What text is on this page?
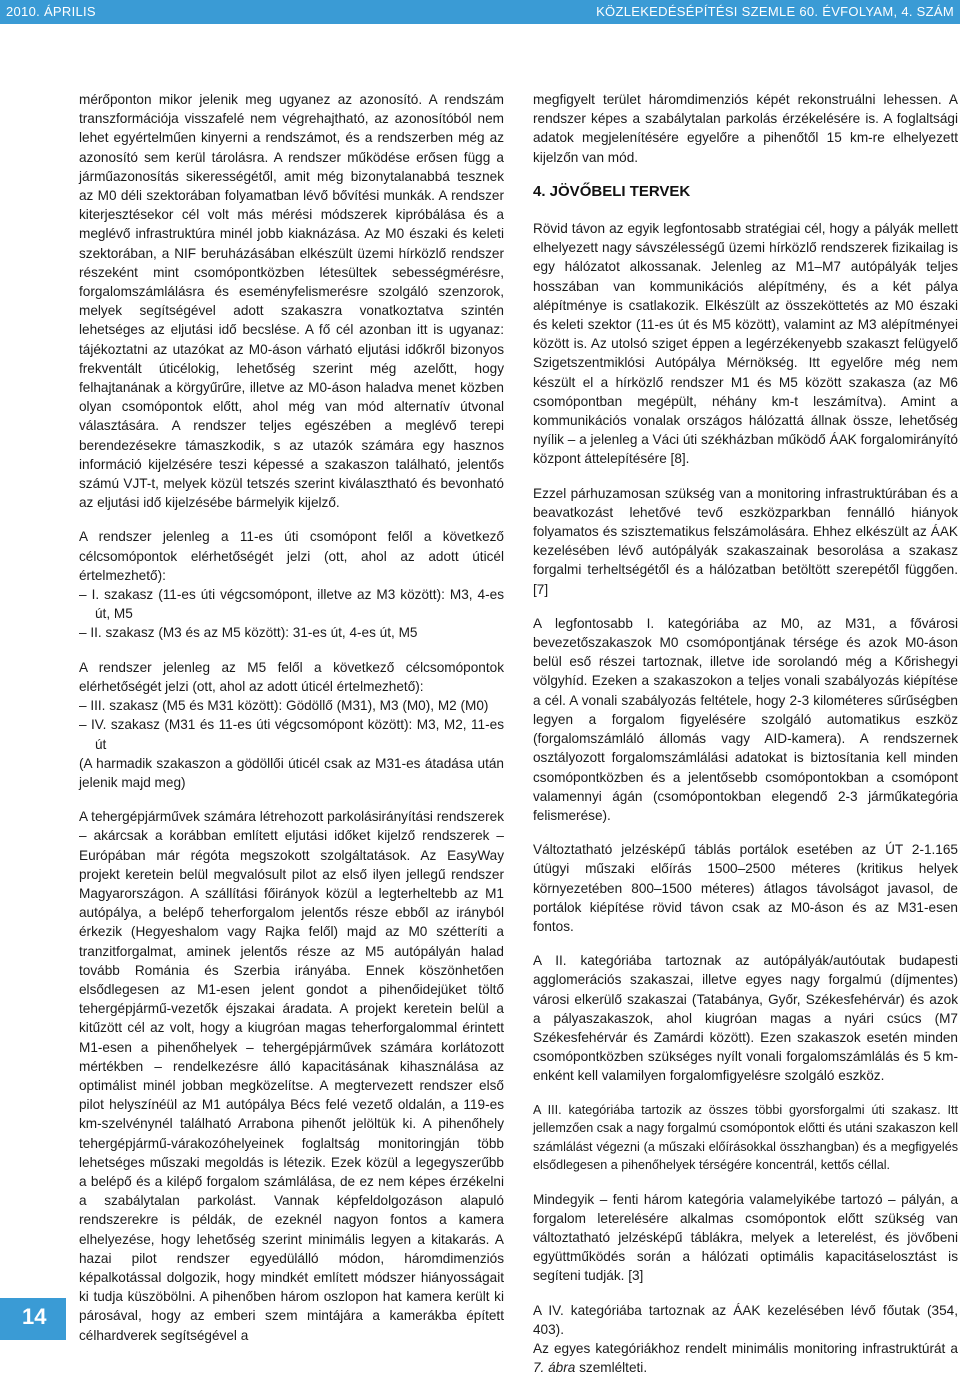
2010. ÁPRILIS	KÖZLEKEDÉSÉPÍTÉSI SZEMLE 60. ÉVFOLYAM, 4. SZÁM
14

mérőponton mikor jelenik meg ugyanez az azonosító. A rendszám transzformációja visszafelé nem végrehajtható, az azonosítóból nem lehet egyértelműen kinyerni a rendszámot, és a rendszerben még az azonosító sem kerül tárolásra. A rendszer működése erősen függ a járműazonosítás sikerességétől, amit még bizonytalanabbá tesznek az M0 déli szektorában folyamatban lévő bővítési munkák. A rendszer kiterjesztésekor cél volt más mérési módszerek kipróbálása és a meglévő infrastruktúra minél jobb kiaknázása. Az M0 északi és keleti szektorában, a NIF beruházásában elkészült üzemi hírközlő rendszer részeként mint csomópontközben létesültek sebességmérésre, forgalomszámlálásra és eseményfelismerésre szolgáló szenzorok, melyek segítségével adott szakaszra vonatkoztatva szintén lehetséges az eljutási idő becslése. A fő cél azonban itt is ugyanaz: tájékoztatni az utazókat az M0-áson várható eljutási időkről bizonyos frekventált úticélokig, lehetőség szerint még azelőtt, hogy felhajtanának a körgyűrűre, illetve az M0-áson haladva menet közben olyan csomópontok előtt, ahol még van mód alternatív útvonal választására. A rendszer teljes egészében a meglévő terepi berendezésekre támaszkodik, s az utazók számára egy hasznos információ kijelzésére teszi képessé a szakaszon található, jelentős számú VJT-t, melyek közül tetszés szerint kiválasztható és bevonható az eljutási idő kijelzésébe bármelyik kijelző.

A rendszer jelenleg a 11-es úti csomópont felől a következő célcsomópontok elérhetőségét jelzi (ott, ahol az adott úticél értelmezhető):

– I. szakasz (11-es úti végcsomópont, illetve az M3 között): M3, 4-es út, M5
– II. szakasz (M3 és az M5 között): 31-es út, 4-es út, M5

A rendszer jelenleg az M5 felől a következő célcsomópontok elérhetőségét jelzi (ott, ahol az adott úticél értelmezhető):

– III. szakasz (M5 és M31 között): Gödöllő (M31), M3 (M0), M2 (M0)
– IV. szakasz (M31 és 11-es úti végcsomópont között): M3, M2, 11-es út
(A harmadik szakaszon a gödöllői úticél csak az M31-es átadása után jelenik majd meg)

A tehergépjárművek számára létrehozott parkolásirányítási rendszerek – akárcsak a korábban említett eljutási időket kijelző rendszerek – Európában már régóta megszokott szolgáltatások. Az EasyWay projekt keretein belül megvalósult pilot az első ilyen jellegű rendszer Magyarországon. A szállítási főirányok közül a legterheltebb az M1 autópálya, a belépő teherforgalom jelentős része ebből az irányból érkezik (Hegyeshalom vagy Rajka felől) majd az M0 szétteríti a tranzitforgalmat, aminek jelentős része az M5 autópályán halad tovább Románia és Szerbia irányába. Ennek köszönhetően elsődlegesen az M1-esen jelent gondot a pihenőidejüket töltő tehergépjármű-vezetők éjszakai áradata. A projekt keretein belül a kitűzött cél az volt, hogy a kiugróan magas teherforgalommal érintett M1-esen a pihenőhelyek – tehergépjárművek számára korlátozott mértékben – rendelkezésre álló kapacitásának kihasználása az optimálist minél jobban megközelítse. A megtervezett rendszer első pilot helyszínéül az M1 autópálya Bécs felé vezető oldalán, a 119-es km-szelvénynél található Arrabona pihenőt jelöltük ki. A pihenőhely tehergépjármű-várakozóhelyeinek foglaltság monitoringján több lehetséges műszaki megoldás is létezik. Ezek közül a legegyszerűbb a belépő és a kilépő forgalom számlálása, de ez nem képes érzékelni a szabálytalan parkolást. Vannak képfeldolgozáson alapuló rendszerekre is példák, de ezeknél nagyon fontos a kamera elhelyezése, hogy lehetőség szerint minimális legyen a kitakarás. A hazai pilot rendszer egyedülálló módon, háromdimenziós képalkotással dolgozik, hogy mindkét említett módszer hiányosságait ki tudja küszöbölni. A pihenőben három oszlopon hat kamera került ki párosával, hogy az emberi szem mintájára a kamerákba épített célhardverek segítségével a

megfigyelt terület háromdimenziós képét rekonstruálni lehessen. A rendszer képes a szabálytalan parkolás érzékelésére is. A foglaltsági adatok megjelenítésére egyelőre a pihenőtől 15 km-re elhelyezett kijelzőn van mód.

4. JÖVŐBELI TERVEK

Rövid távon az egyik legfontosabb stratégiai cél, hogy a pályák mellett elhelyezett nagy sávszélességű üzemi hírközlő rendszerek fizikailag is egy hálózatot alkossanak. Jelenleg az M1–M7 autópályák teljes hosszában van kommunikációs alépítmény, és a két pálya alépítménye is csatlakozik. Elkészült az összeköttetés az M0 északi és keleti szektor (11-es út és M5 között), valamint az M3 alépítményei között is. Az utolsó sziget éppen a legérzékenyebb szakaszt felügyelő Szigetszentmiklósi Autópálya Mérnökség. Itt egyelőre még nem készült el a hírközlő rendszer M1 és M5 között szakasza (az M6 csomópontban megépült, néhány km-t leszámítva). Amint a kommunikációs vonalak országos hálózattá állnak össze, lehetőség nyílik – a jelenleg a Váci úti székházban működő ÁAK forgalomirányító központ áttelepítésére [8].

Ezzel párhuzamosan szükség van a monitoring infrastruktúrában és a beavatkozást lehetővé tevő eszközparkban fennálló hiányok folyamatos és szisztematikus felszámolására. Ehhez elkészült az ÁAK kezelésében lévő autópályák szakaszainak besorolása a szakasz forgalmi terheltségétől és a hálózatban betöltött szerepétől függően. [7]

A legfontosabb I. kategóriába az M0, az M31, a fővárosi bevezetőszakaszok M0 csomópontjának térsége és azok M0-áson belül eső részei tartoznak, illetve ide sorolandó még a Kőrishegyi völgyhíd. Ezeken a szakaszokon a teljes vonali szabályozás kiépítése a cél. A vonali szabályozás feltétele, hogy 2-3 kilométeres sűrűségben legyen a forgalom figyelésére szolgáló automatikus eszköz (forgalomszámláló állomás vagy AID-kamera). A rendszernek osztályozott forgalomszámlálási adatokat is biztosítania kell minden csomópontközben és a jelentősebb csomópontokban a csomópont valamennyi ágán (csomópontokban elegendő 2-3 járműkategória felismerése).

Változtatható jelzésképű táblás portálok esetében az ÚT 2-1.165 útügyi műszaki előírás 1500–2500 méteres (kritikus helyek környezetében 800–1500 méteres) átlagos távolságot javasol, de portálok kiépítése rövid távon csak az M0-áson és az M31-esen fontos.

A II. kategóriába tartoznak az autópályák/autóutak budapesti agglomerációs szakaszai, illetve egyes nagy forgalmú (díjmentes) városi elkerülő szakaszai (Tatabánya, Győr, Székesfehérvár) és azok a pályaszakaszok, ahol kiugróan magas a nyári csúcs (M7 Székesfehérvár és Zamárdi között). Ezen szakaszok esetén minden csomópontközben szükséges nyílt vonali forgalomszámlálás és 5 km-enként kell valamilyen forgalomfigyelésre szolgáló eszköz.

A III. kategóriába tartozik az összes többi gyorsforgalmi úti szakasz. Itt jellemzően csak a nagy forgalmú csomópontok előtti és utáni szakaszon kell számlálást végezni (a műszaki előírásokkal összhangban) és a megfigyelés elsődlegesen a pihenőhelyek térségére koncentrál, kettős céllal.

Mindegyik – fenti három kategória valamelyikébe tartozó – pályán, a forgalom leterelésére alkalmas csomópontok előtt szükség van változtatható jelzésképű táblákra, melyek a leterelést, és jövőbeni együttműködés során a hálózati optimális kapacitáselosztást is segíteni tudják. [3]

A IV. kategóriába tartoznak az ÁAK kezelésében lévő főutak (354, 403).

Az egyes kategóriákhoz rendelt minimális monitoring infrastruktúrát a 7. ábra szemlélteti.
